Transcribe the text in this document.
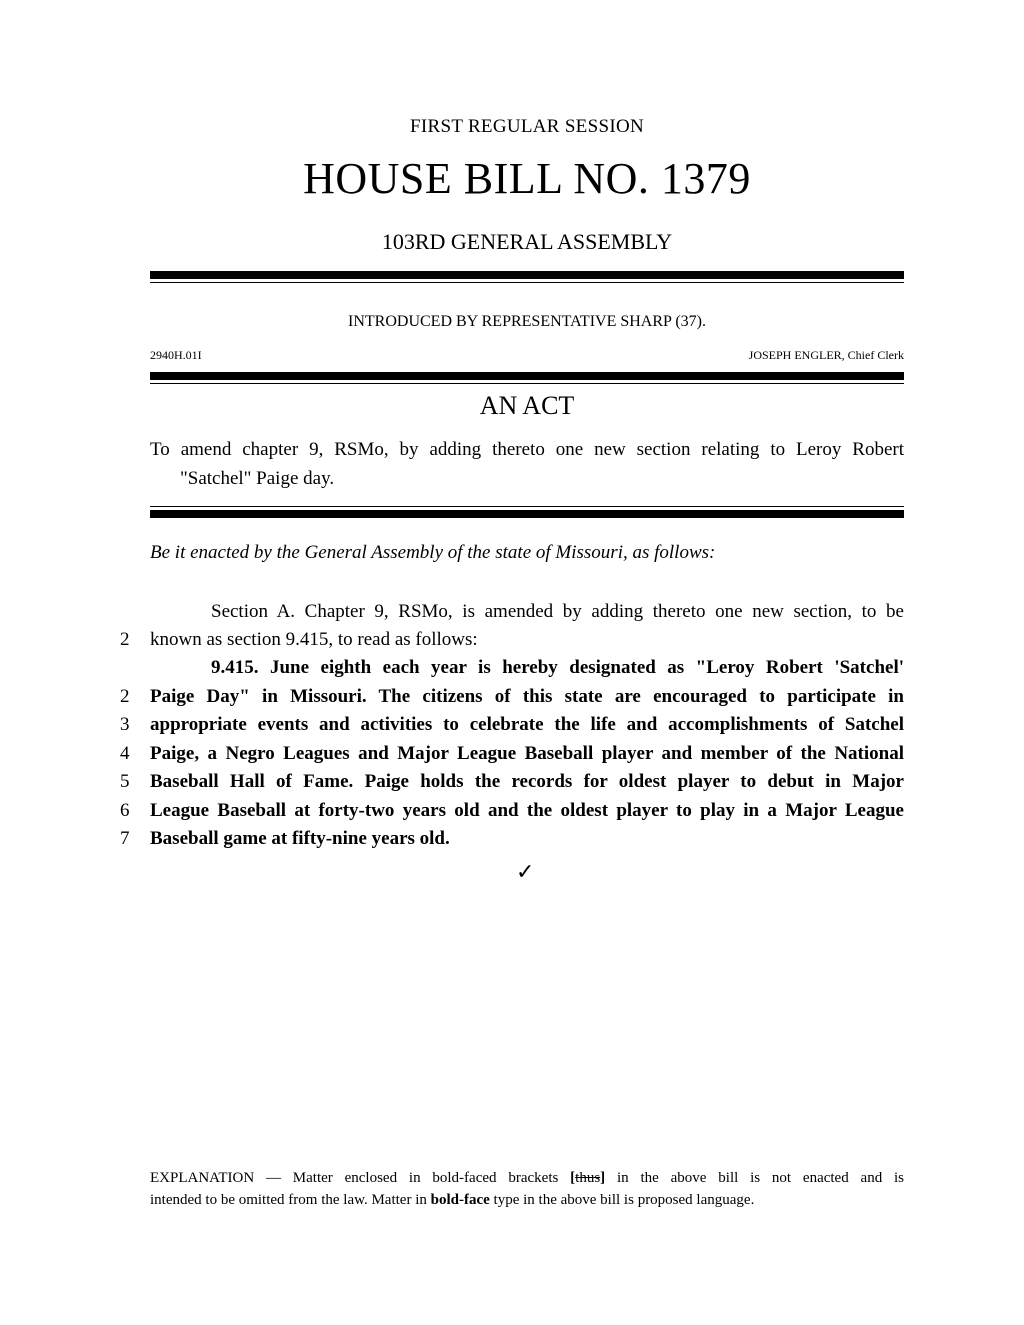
FIRST REGULAR SESSION
HOUSE BILL NO. 1379
103RD GENERAL ASSEMBLY
INTRODUCED BY REPRESENTATIVE SHARP (37).
2940H.01I	JOSEPH ENGLER, Chief Clerk
AN ACT
To amend chapter 9, RSMo, by adding thereto one new section relating to Leroy Robert
"Satchel" Paige day.
Be it enacted by the General Assembly of the state of Missouri, as follows:
Section A. Chapter 9, RSMo, is amended by adding thereto one new section, to be
2	known as section 9.415, to read as follows:
9.415. June eighth each year is hereby designated as "Leroy Robert 'Satchel'
2	Paige Day" in Missouri. The citizens of this state are encouraged to participate in
3	appropriate events and activities to celebrate the life and accomplishments of Satchel
4	Paige, a Negro Leagues and Major League Baseball player and member of the National
5	Baseball Hall of Fame. Paige holds the records for oldest player to debut in Major
6	League Baseball at forty-two years old and the oldest player to play in a Major League
7	Baseball game at fifty-nine years old.
✓
EXPLANATION — Matter enclosed in bold-faced brackets [thus] in the above bill is not enacted and is
intended to be omitted from the law. Matter in bold-face type in the above bill is proposed language.
